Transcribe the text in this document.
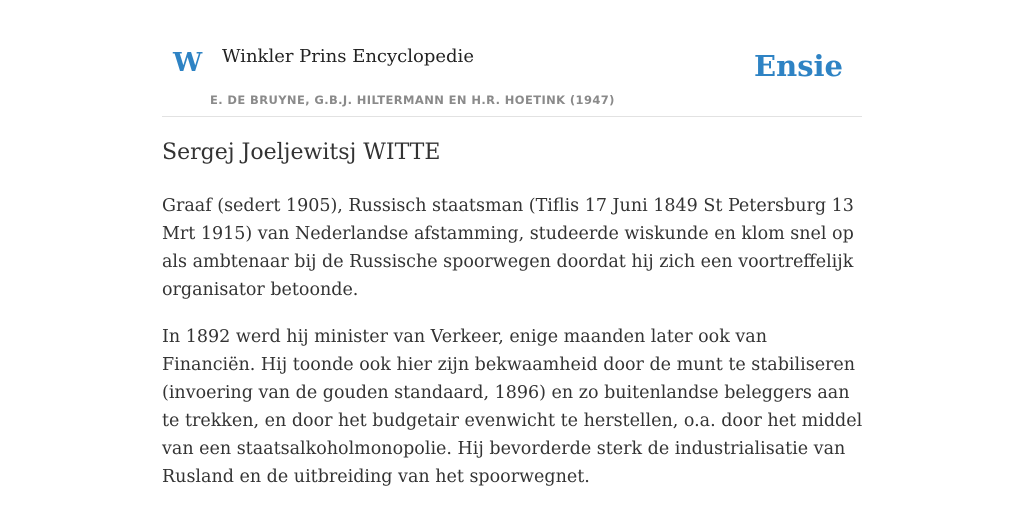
W Winkler Prins Encyclopedie
E. DE BRUYNE, G.B.J. HILTERMANN EN H.R. HOETINK (1947)
Ensie
Sergej Joeljewitsj WITTE

Graaf (sedert 1905), Russisch staatsman (Tiflis 17 Juni 1849 St Petersburg 13 Mrt 1915) van Nederlandse afstamming, studeerde wiskunde en klom snel op als ambtenaar bij de Russische spoorwegen doordat hij zich een voortreffelijk organisator betoonde.

In 1892 werd hij minister van Verkeer, enige maanden later ook van Financiën. Hij toonde ook hier zijn bekwaamheid door de munt te stabiliseren (invoering van de gouden standaard, 1896) en zo buitenlandse beleggers aan te trekken, en door het budgetair evenwicht te herstellen, o.a. door het middel van een staatsalkoholmonopolie. Hij bevorderde sterk de industrialisatie van Rusland en de uitbreiding van het spoorwegnet.
